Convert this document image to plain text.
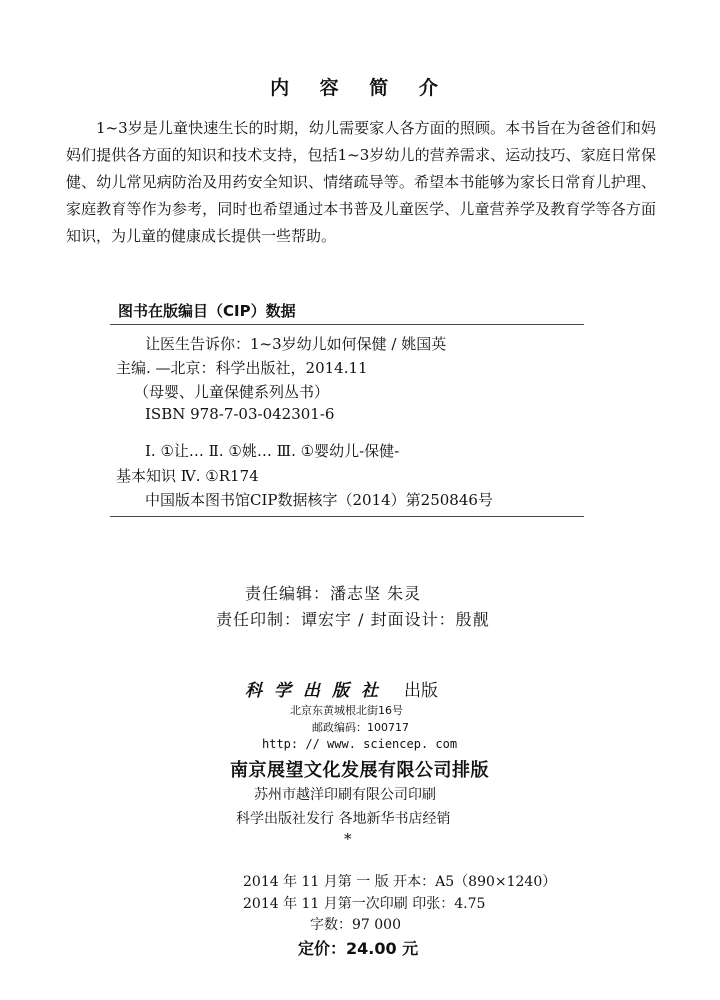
内 容 简 介
1~3岁是儿童快速生长的时期，幼儿需要家人各方面的照顾。本书旨在为爸爸们和妈妈们提供各方面的知识和技术支持，包括1~3岁幼儿的营养需求、运动技巧、家庭日常保健、幼儿常见病防治及用药安全知识、情绪疏导等。希望本书能够为家长日常育儿护理、家庭教育等作为参考，同时也希望通过本书普及儿童医学、儿童营养学及教育学等各方面知识，为儿童的健康成长提供一些帮助。
图书在版编目（CIP）数据
让医生告诉你：1~3岁幼儿如何保健 / 姚国英
主编. —北京：科学出版社，2014.11
（母婴、儿童保健系列丛书）
ISBN 978-7-03-042301-6
Ⅰ. ①让… Ⅱ. ①姚… Ⅲ. ①婴幼儿-保健-
基本知识 Ⅳ. ①R174
中国版本图书馆CIP数据核字（2014）第250846号
责任编辑：潘志坚 朱灵
责任印制：谭宏宇 / 封面设计：殷靓
科学出版社 出版
北京东黄城根北街16号
邮政编码：100717
http: // www. sciencep. com
南京展望文化发展有限公司排版
苏州市越洋印刷有限公司印刷
科学出版社发行 各地新华书店经销
*
2014 年 11 月第 一 版 开本：A5（890×1240）
2014 年 11 月第一次印刷 印张：4.75
字数：97 000
定价：24.00 元
